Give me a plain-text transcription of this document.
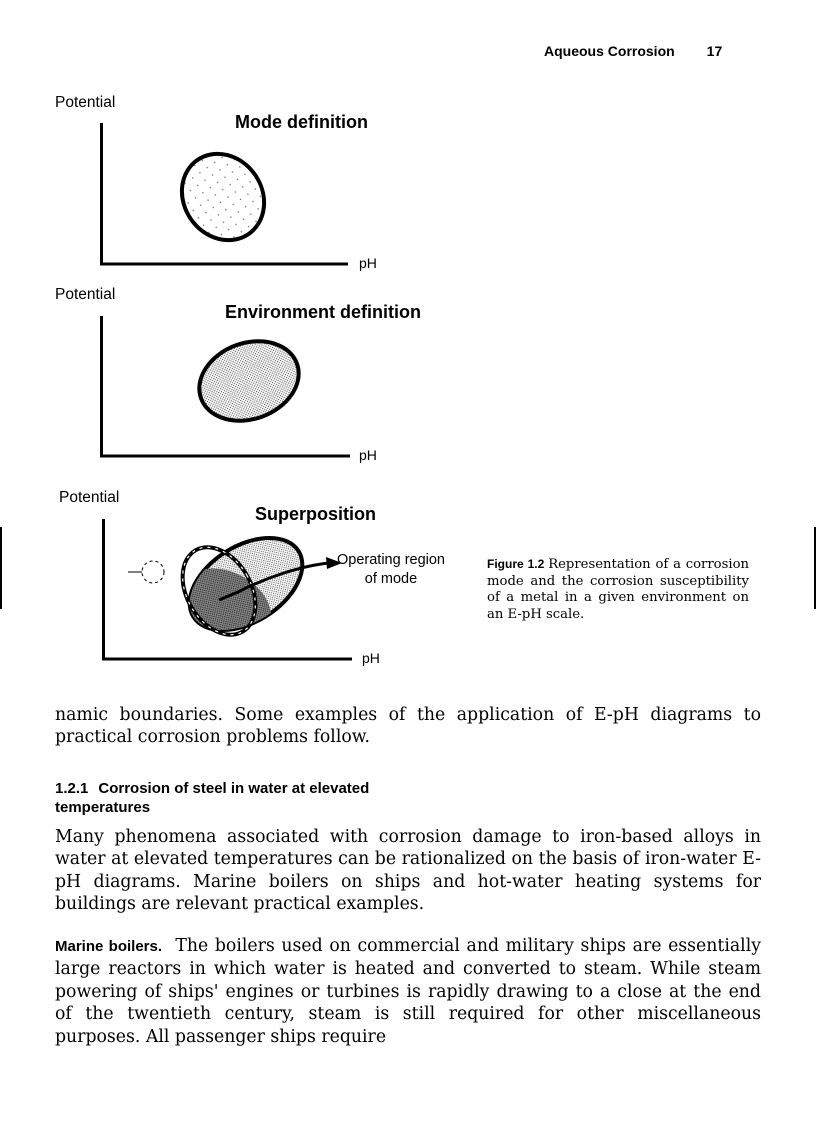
Aqueous Corrosion 17
Potential
Mode definition
pH
Potential
Environment definition
pH
Potential
Superposition
pH
Operating region
of mode
Figure 1.2 Representation of a corrosion mode and the corrosion susceptibility of a metal in a given environment on an E-pH scale.

namic boundaries. Some examples of the application of E-pH diagrams to practical corrosion problems follow.

1.2.1 Corrosion of steel in water at elevated
temperatures

Many phenomena associated with corrosion damage to iron-based alloys in water at elevated temperatures can be rationalized on the basis of iron-water E-pH diagrams. Marine boilers on ships and hot-water heating systems for buildings are relevant practical examples.

Marine boilers. The boilers used on commercial and military ships are essentially large reactors in which water is heated and converted to steam. While steam powering of ships' engines or turbines is rapidly drawing to a close at the end of the twentieth century, steam is still required for other miscellaneous purposes. All passenger ships require
